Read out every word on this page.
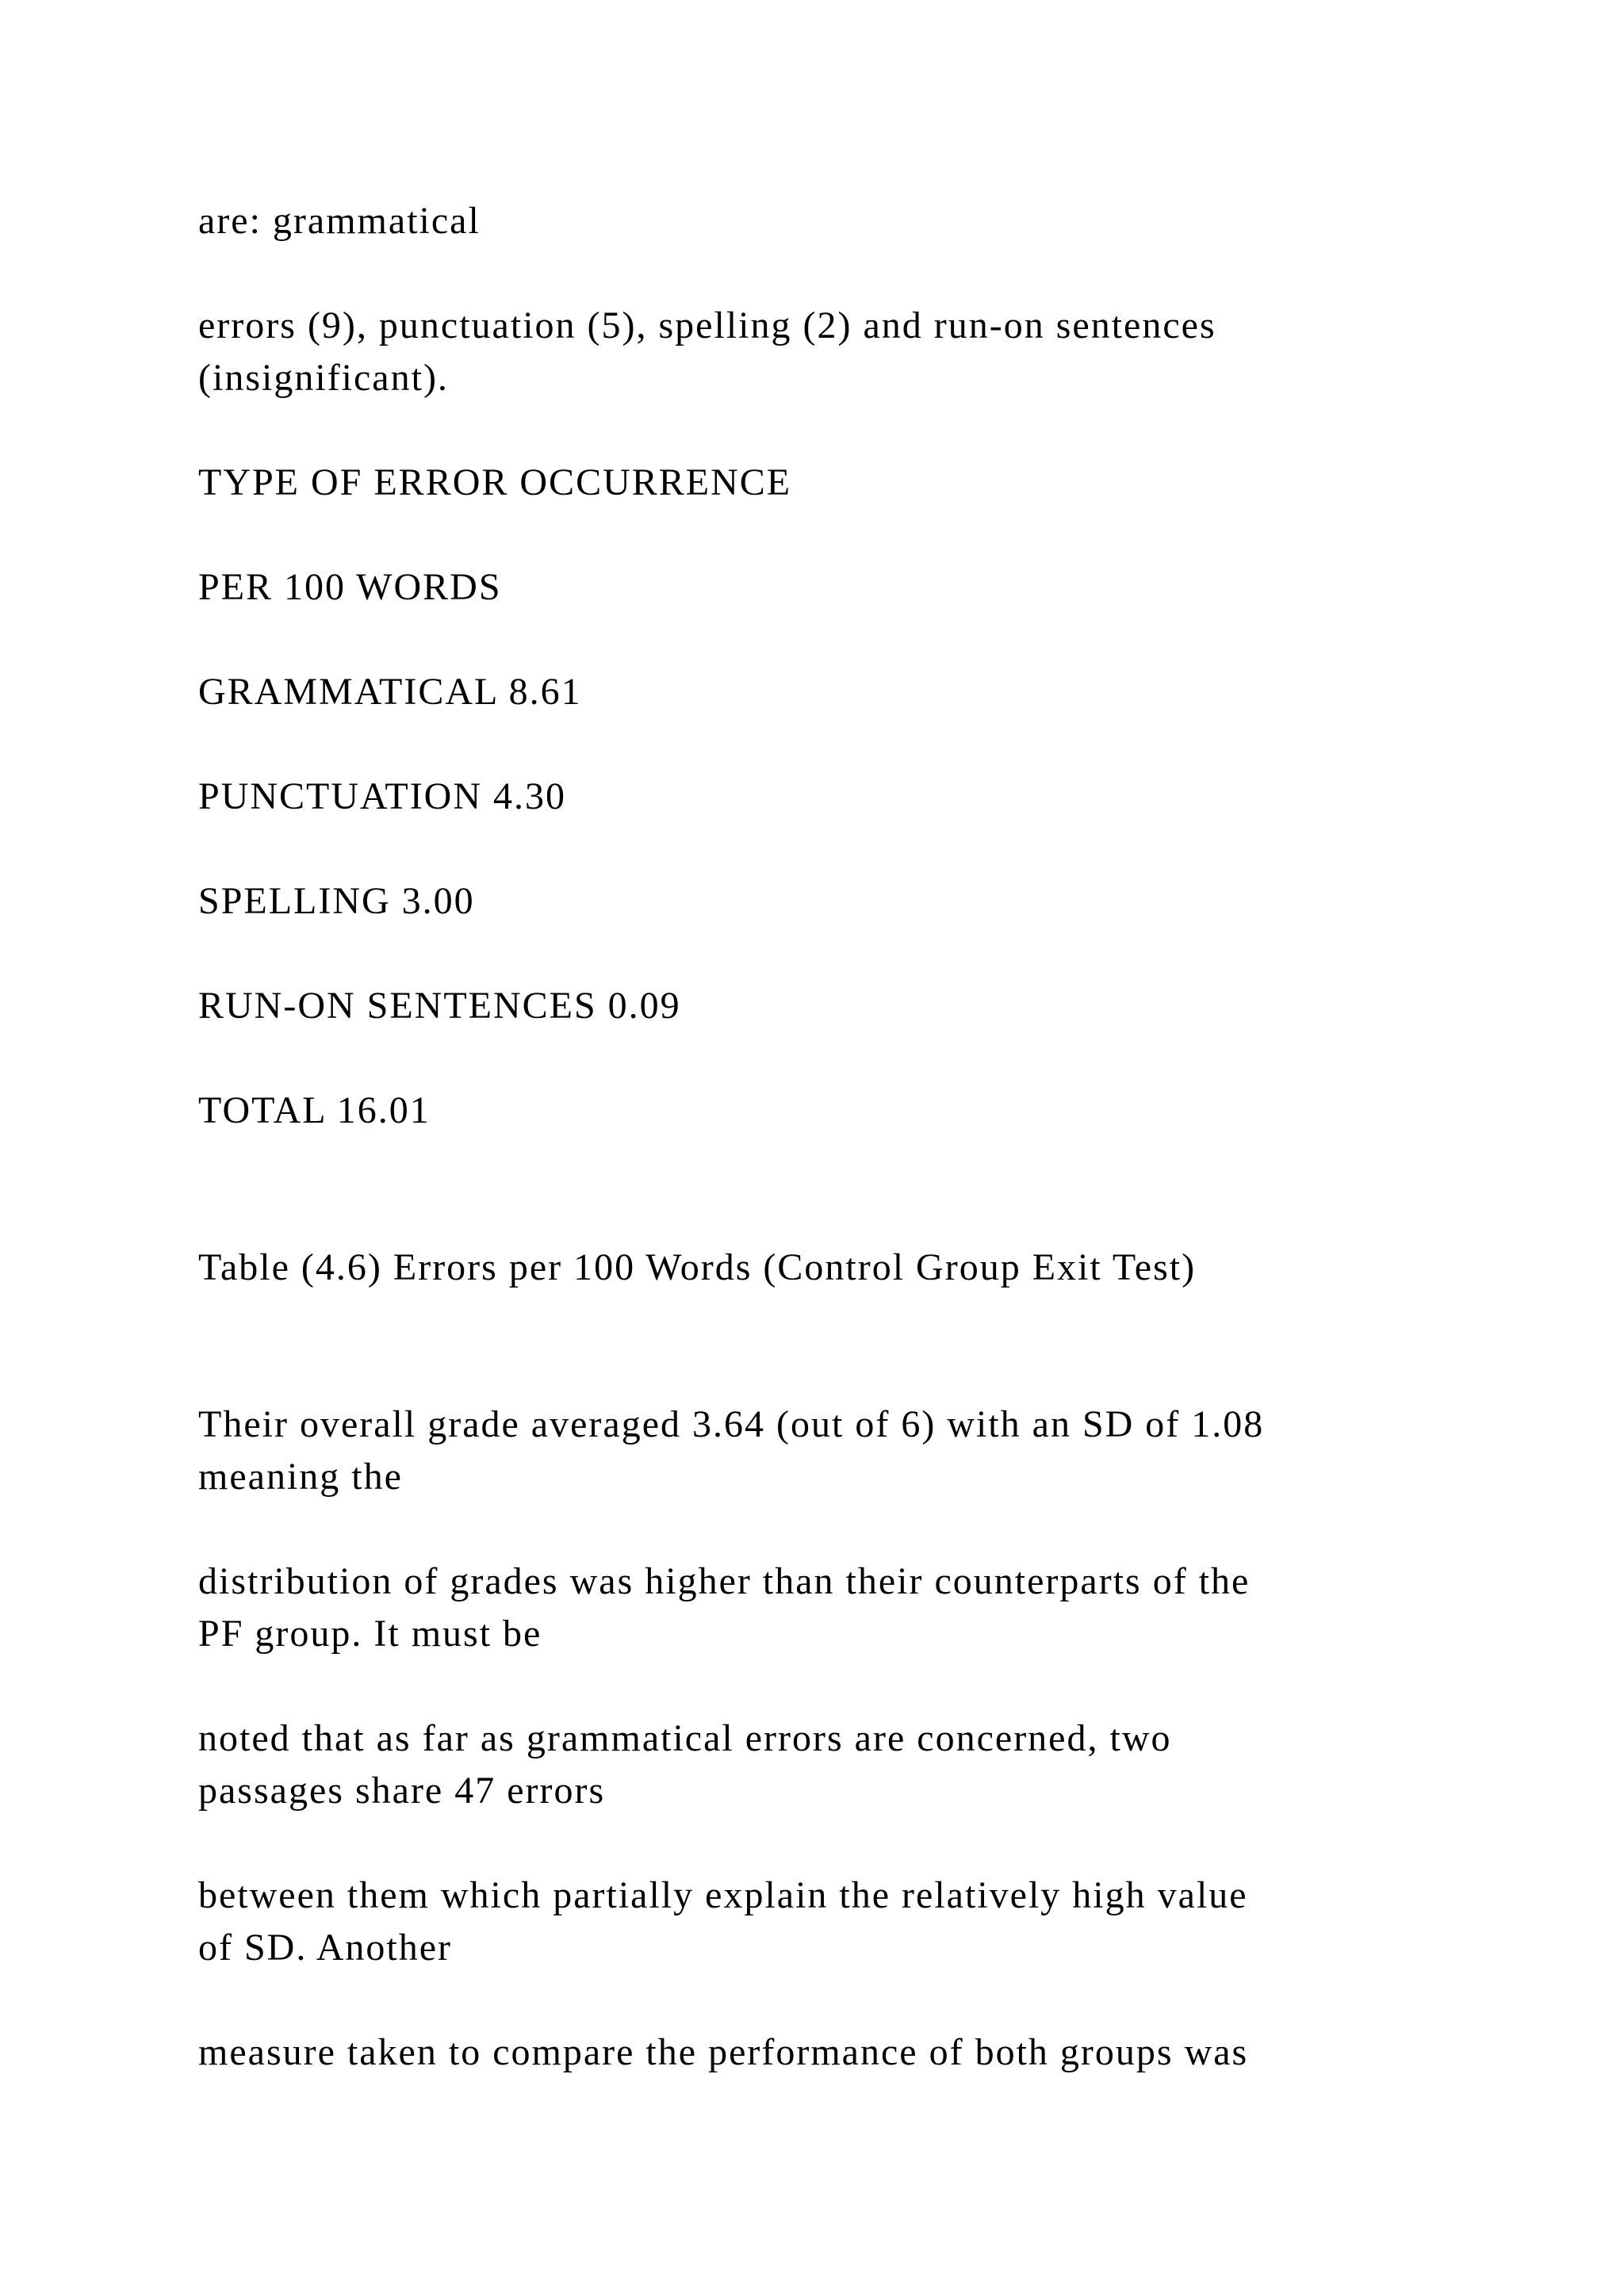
are: grammatical

errors (9), punctuation (5), spelling (2) and run-on sentences

(insignificant).

TYPE OF ERROR OCCURRENCE

PER 100 WORDS

GRAMMATICAL 8.61

PUNCTUATION 4.30

SPELLING 3.00

RUN-ON SENTENCES 0.09

TOTAL 16.01

Table (4.6) Errors per 100 Words (Control Group Exit Test)

Their overall grade averaged 3.64 (out of 6) with an SD of 1.08

meaning the

distribution of grades was higher than their counterparts of the

PF group. It must be

noted that as far as grammatical errors are concerned, two

passages share 47 errors

between them which partially explain the relatively high value

of SD. Another

measure taken to compare the performance of both groups was
